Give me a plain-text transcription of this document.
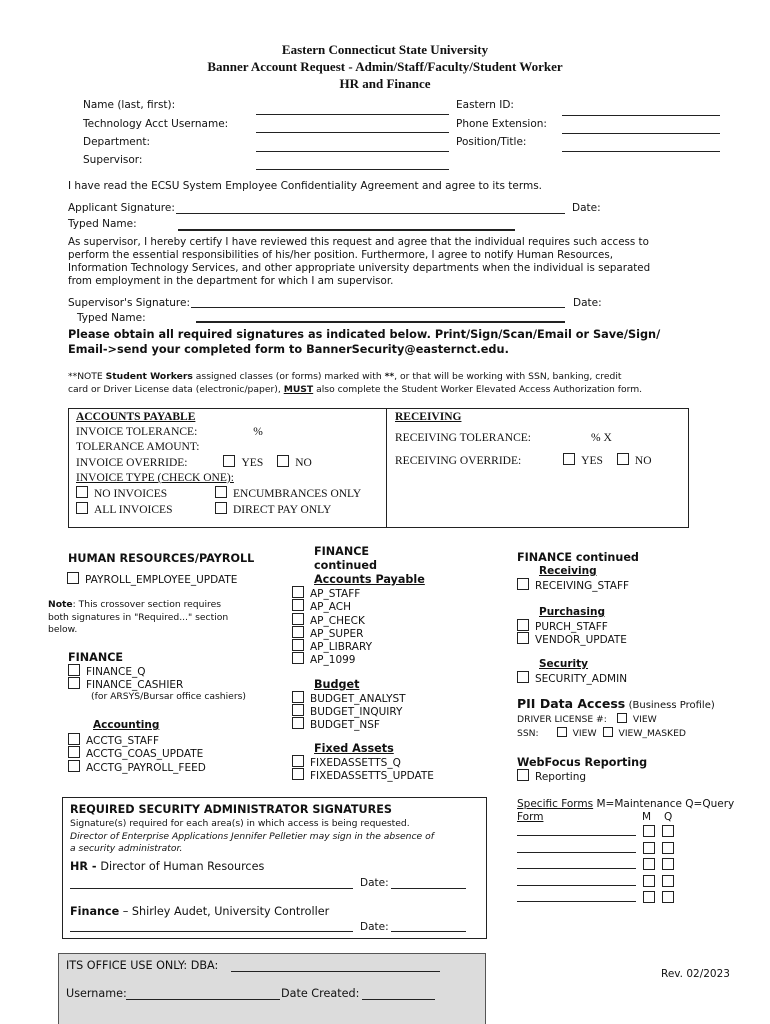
Eastern Connecticut State University
Banner Account Request - Admin/Staff/Faculty/Student Worker
HR and Finance
Name (last, first):
Technology Acct Username:
Department:
Supervisor:
Eastern ID:
Phone Extension:
Position/Title:
I have read the ECSU System Employee Confidentiality Agreement and agree to its terms.
Applicant Signature:	Date:
Typed Name:
As supervisor, I hereby certify I have reviewed this request and agree that the individual requires such access to
perform the essential responsibilities of his/her position. Furthermore, I agree to notify Human Resources,
Information Technology Services, and other appropriate university departments when the individual is separated
from employment in the department for which I am supervisor.
Supervisor's Signature:	Date:
Typed Name:
Please obtain all required signatures as indicated below. Print/Sign/Scan/Email or Save/Sign/
Email->send your completed form to BannerSecurity@easternct.edu.
**NOTE Student Workers assigned classes (or forms) marked with **, or that will be working with SSN, banking, credit
card or Driver License data (electronic/paper), MUST also complete the Student Worker Elevated Access Authorization form.
ACCOUNTS PAYABLE
INVOICE TOLERANCE:	%
TOLERANCE AMOUNT:
INVOICE OVERRIDE:	YES	NO
INVOICE TYPE (CHECK ONE):
NO INVOICES	ENCUMBRANCES ONLY
ALL INVOICES	DIRECT PAY ONLY
RECEIVING
RECEIVING TOLERANCE:	% X
RECEIVING OVERRIDE:	YES	NO
HUMAN RESOURCES/PAYROLL
PAYROLL_EMPLOYEE_UPDATE
Note: This crossover section requires
both signatures in "Required..." section
below.
FINANCE
FINANCE_Q
FINANCE_CASHIER
(for ARSYS/Bursar office cashiers)
Accounting
ACCTG_STAFF
ACCTG_COAS_UPDATE
ACCTG_PAYROLL_FEED
FINANCE
continued
Accounts Payable
AP_STAFF
AP_ACH
AP_CHECK
AP_SUPER
AP_LIBRARY
AP_1099
Budget
BUDGET_ANALYST
BUDGET_INQUIRY
BUDGET_NSF
Fixed Assets
FIXEDASSETTS_Q
FIXEDASSETTS_UPDATE
FINANCE continued
Receiving
RECEIVING_STAFF
Purchasing
PURCH_STAFF
VENDOR_UPDATE
Security
SECURITY_ADMIN
PII Data Access (Business Profile)
DRIVER LICENSE #:	VIEW
SSN:	VIEW VIEW_MASKED
WebFocus Reporting
Reporting
REQUIRED SECURITY ADMINISTRATOR SIGNATURES
Signature(s) required for each area(s) in which access is being requested.
Director of Enterprise Applications Jennifer Pelletier may sign in the absence of
a security administrator.
HR - Director of Human Resources
Date:
Finance – Shirley Audet, University Controller
Date:
Specific Forms M=Maintenance Q=Query
Form	M Q
ITS OFFICE USE ONLY: DBA:
Username:	Date Created:
Rev. 02/2023
